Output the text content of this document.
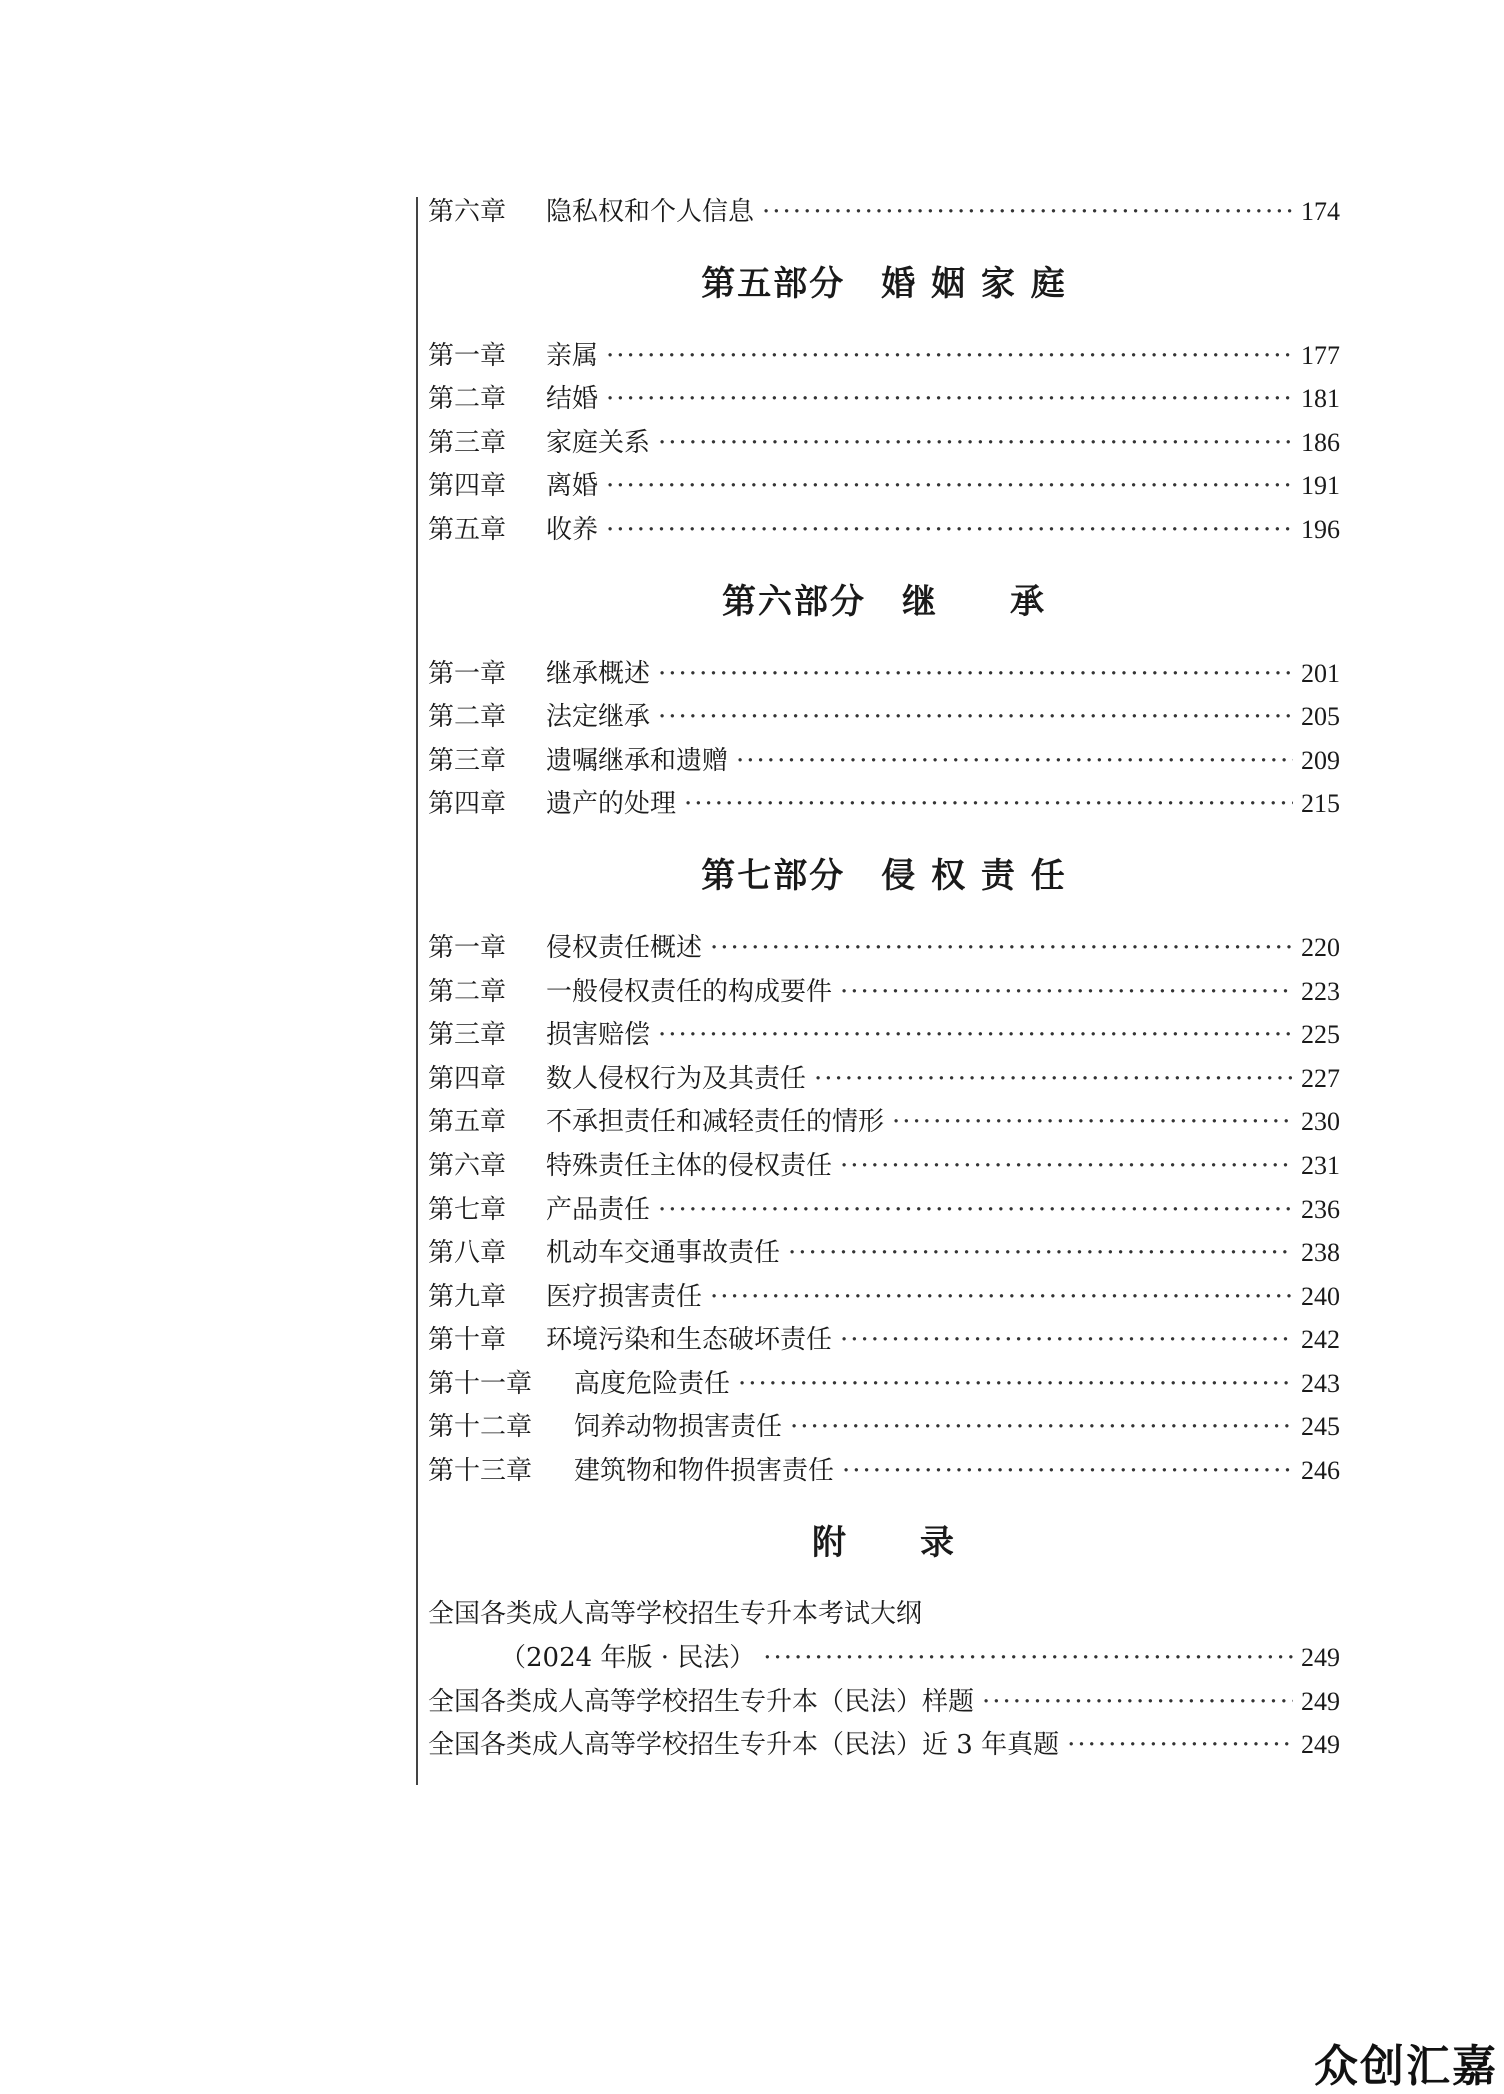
第六章	隐私权和个人信息 ·····	174
第五部分　婚 姻 家 庭
第一章	亲属 ·····	177
第二章	结婚 ·····	181
第三章	家庭关系 ·····	186
第四章	离婚 ·····	191
第五章	收养 ·····	196
第六部分　继　　承
第一章	继承概述 ·····	201
第二章	法定继承 ·····	205
第三章	遗嘱继承和遗赠 ·····	209
第四章	遗产的处理 ·····	215
第七部分　侵 权 责 任
第一章	侵权责任概述 ·····	220
第二章	一般侵权责任的构成要件 ·····	223
第三章	损害赔偿 ·····	225
第四章	数人侵权行为及其责任 ·····	227
第五章	不承担责任和减轻责任的情形 ·····	230
第六章	特殊责任主体的侵权责任 ·····	231
第七章	产品责任 ·····	236
第八章	机动车交通事故责任 ·····	238
第九章	医疗损害责任 ·····	240
第十章	环境污染和生态破坏责任 ·····	242
第十一章	高度危险责任 ·····	243
第十二章	饲养动物损害责任 ·····	245
第十三章	建筑物和物件损害责任 ·····	246
附　　录
全国各类成人高等学校招生专升本考试大纲
（2024 年版 · 民法） ·····	249
全国各类成人高等学校招生专升本（民法）样题 ·····	249
全国各类成人高等学校招生专升本（民法）近 3 年真题 ·····	249
众创汇嘉
